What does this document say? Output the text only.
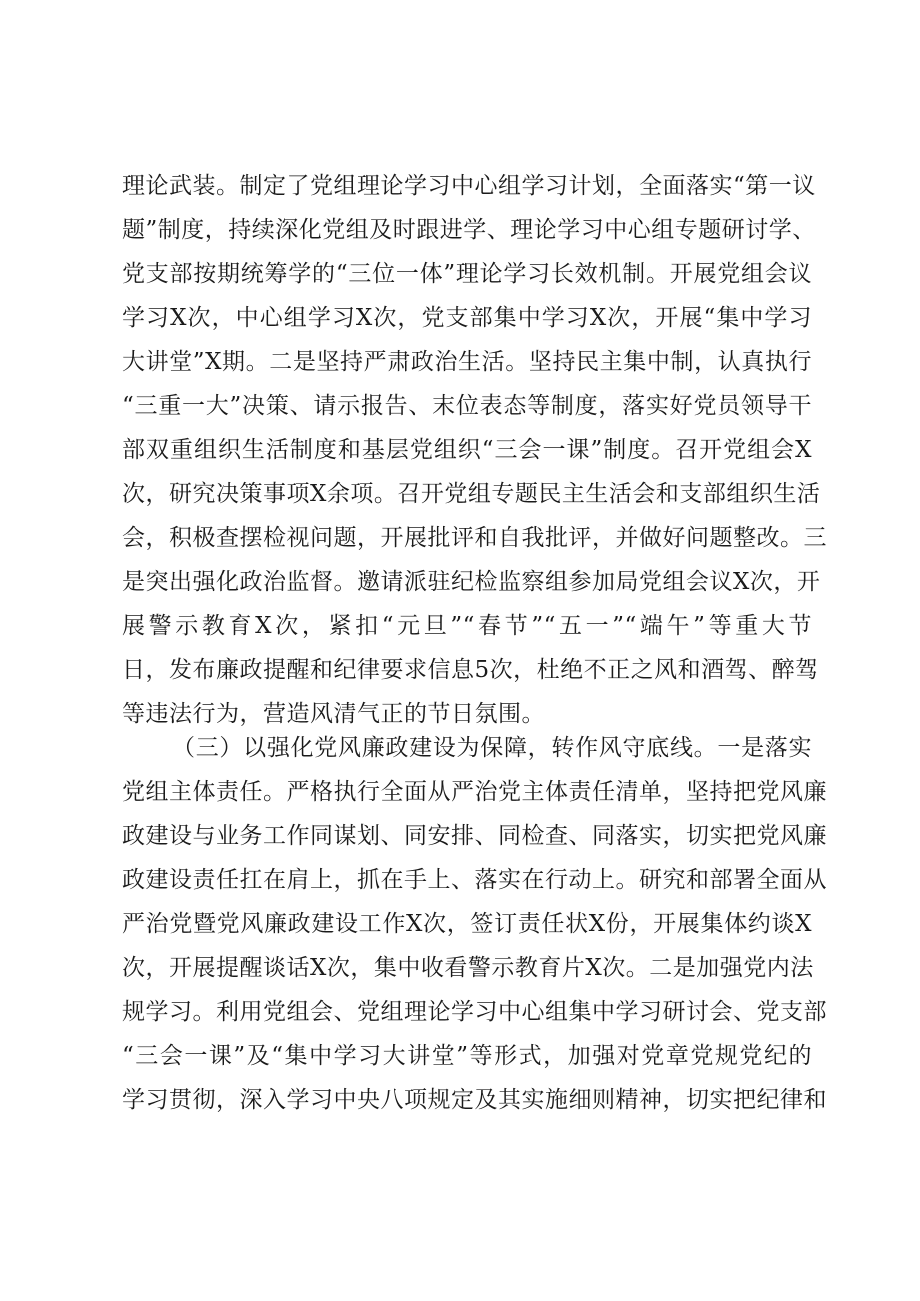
理论武装。制定了党组理论学习中心组学习计划，全面落实“第一议
题”制度，持续深化党组及时跟进学、理论学习中心组专题研讨学、
党支部按期统筹学的“三位一体”理论学习长效机制。开展党组会议
学习X次，中心组学习X次，党支部集中学习X次，开展“集中学习
大讲堂”X期。二是坚持严肃政治生活。坚持民主集中制，认真执行
“三重一大”决策、请示报告、末位表态等制度，落实好党员领导干
部双重组织生活制度和基层党组织“三会一课”制度。召开党组会X
次，研究决策事项X余项。召开党组专题民主生活会和支部组织生活
会，积极查摆检视问题，开展批评和自我批评，并做好问题整改。三
是突出强化政治监督。邀请派驻纪检监察组参加局党组会议X次，开
展警示教育X次，紧扣“元旦”“春节”“五一”“端午”等重大节
日，发布廉政提醒和纪律要求信息5次，杜绝不正之风和酒驾、醉驾
等违法行为，营造风清气正的节日氛围。
（三）以强化党风廉政建设为保障，转作风守底线。一是落实
党组主体责任。严格执行全面从严治党主体责任清单，坚持把党风廉
政建设与业务工作同谋划、同安排、同检查、同落实，切实把党风廉
政建设责任扛在肩上，抓在手上、落实在行动上。研究和部署全面从
严治党暨党风廉政建设工作X次，签订责任状X份，开展集体约谈X
次，开展提醒谈话X次，集中收看警示教育片X次。二是加强党内法
规学习。利用党组会、党组理论学习中心组集中学习研讨会、党支部
“三会一课”及“集中学习大讲堂”等形式，加强对党章党规党纪的
学习贯彻，深入学习中央八项规定及其实施细则精神，切实把纪律和
